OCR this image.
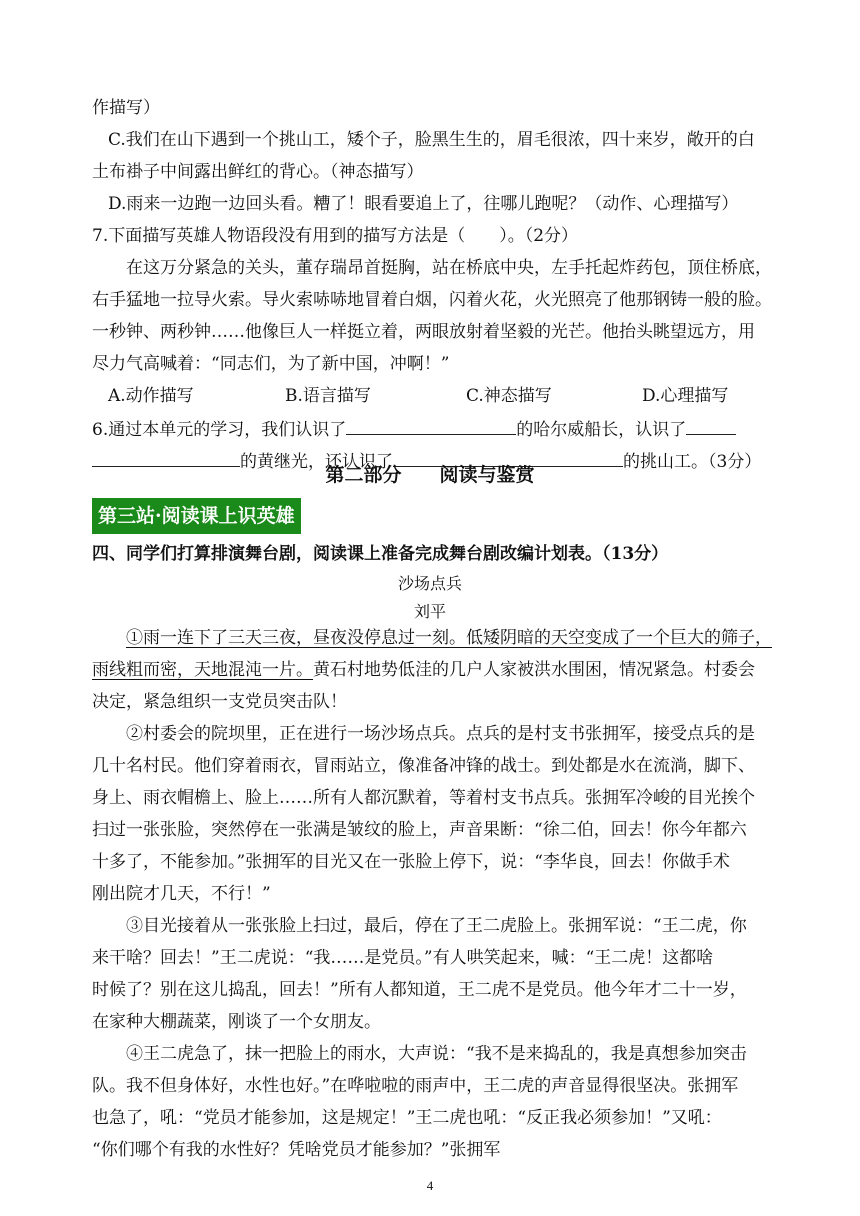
作描写）
C.我们在山下遇到一个挑山工，矮个子，脸黑生生的，眉毛很浓，四十来岁，敞开的白
土布褂子中间露出鲜红的背心。（神态描写）
D.雨来一边跑一边回头看。糟了！眼看要追上了，往哪儿跑呢？（动作、心理描写）
7.下面描写英雄人物语段没有用到的描写方法是（　　）。（2分）
在这万分紧急的关头，董存瑞昂首挺胸，站在桥底中央，左手托起炸药包，顶住桥底，
右手猛地一拉导火索。导火索哧哧地冒着白烟，闪着火花，火光照亮了他那钢铸一般的脸。
一秒钟、两秒钟……他像巨人一样挺立着，两眼放射着坚毅的光芒。他抬头眺望远方，用
尽力气高喊着：“同志们，为了新中国，冲啊！”
A.动作描写	B.语言描写	C.神态描写	D.心理描写
6.通过本单元的学习，我们认识了	的哈尔威船长，认识了
的黄继光，还认识了	的挑山工。（3分）
第二部分　　阅读与鉴赏
第三站·阅读课上识英雄
四、同学们打算排演舞台剧，阅读课上准备完成舞台剧改编计划表。（13分）
沙场点兵
刘平
①雨一连下了三天三夜，昼夜没停息过一刻。低矮阴暗的天空变成了一个巨大的筛子，
雨线粗而密，天地混沌一片。黄石村地势低洼的几户人家被洪水围困，情况紧急。村委会
决定，紧急组织一支党员突击队！
②村委会的院坝里，正在进行一场沙场点兵。点兵的是村支书张拥军，接受点兵的是
几十名村民。他们穿着雨衣，冒雨站立，像准备冲锋的战士。到处都是水在流淌，脚下、
身上、雨衣帽檐上、脸上……所有人都沉默着，等着村支书点兵。张拥军冷峻的目光挨个
扫过一张张脸，突然停在一张满是皱纹的脸上，声音果断：“徐二伯，回去！你今年都六
十多了，不能参加。”张拥军的目光又在一张脸上停下，说：“李华良，回去！你做手术
刚出院才几天，不行！”
③目光接着从一张张脸上扫过，最后，停在了王二虎脸上。张拥军说：“王二虎，你
来干啥？回去！”王二虎说：“我……是党员。”有人哄笑起来，喊：“王二虎！这都啥
时候了？别在这儿捣乱，回去！”所有人都知道，王二虎不是党员。他今年才二十一岁，
在家种大棚蔬菜，刚谈了一个女朋友。
④王二虎急了，抹一把脸上的雨水，大声说：“我不是来捣乱的，我是真想参加突击
队。我不但身体好，水性也好。”在哗啦啦的雨声中，王二虎的声音显得很坚决。张拥军
也急了，吼：“党员才能参加，这是规定！”王二虎也吼：“反正我必须参加！”又吼：
“你们哪个有我的水性好？凭啥党员才能参加？”张拥军
4
